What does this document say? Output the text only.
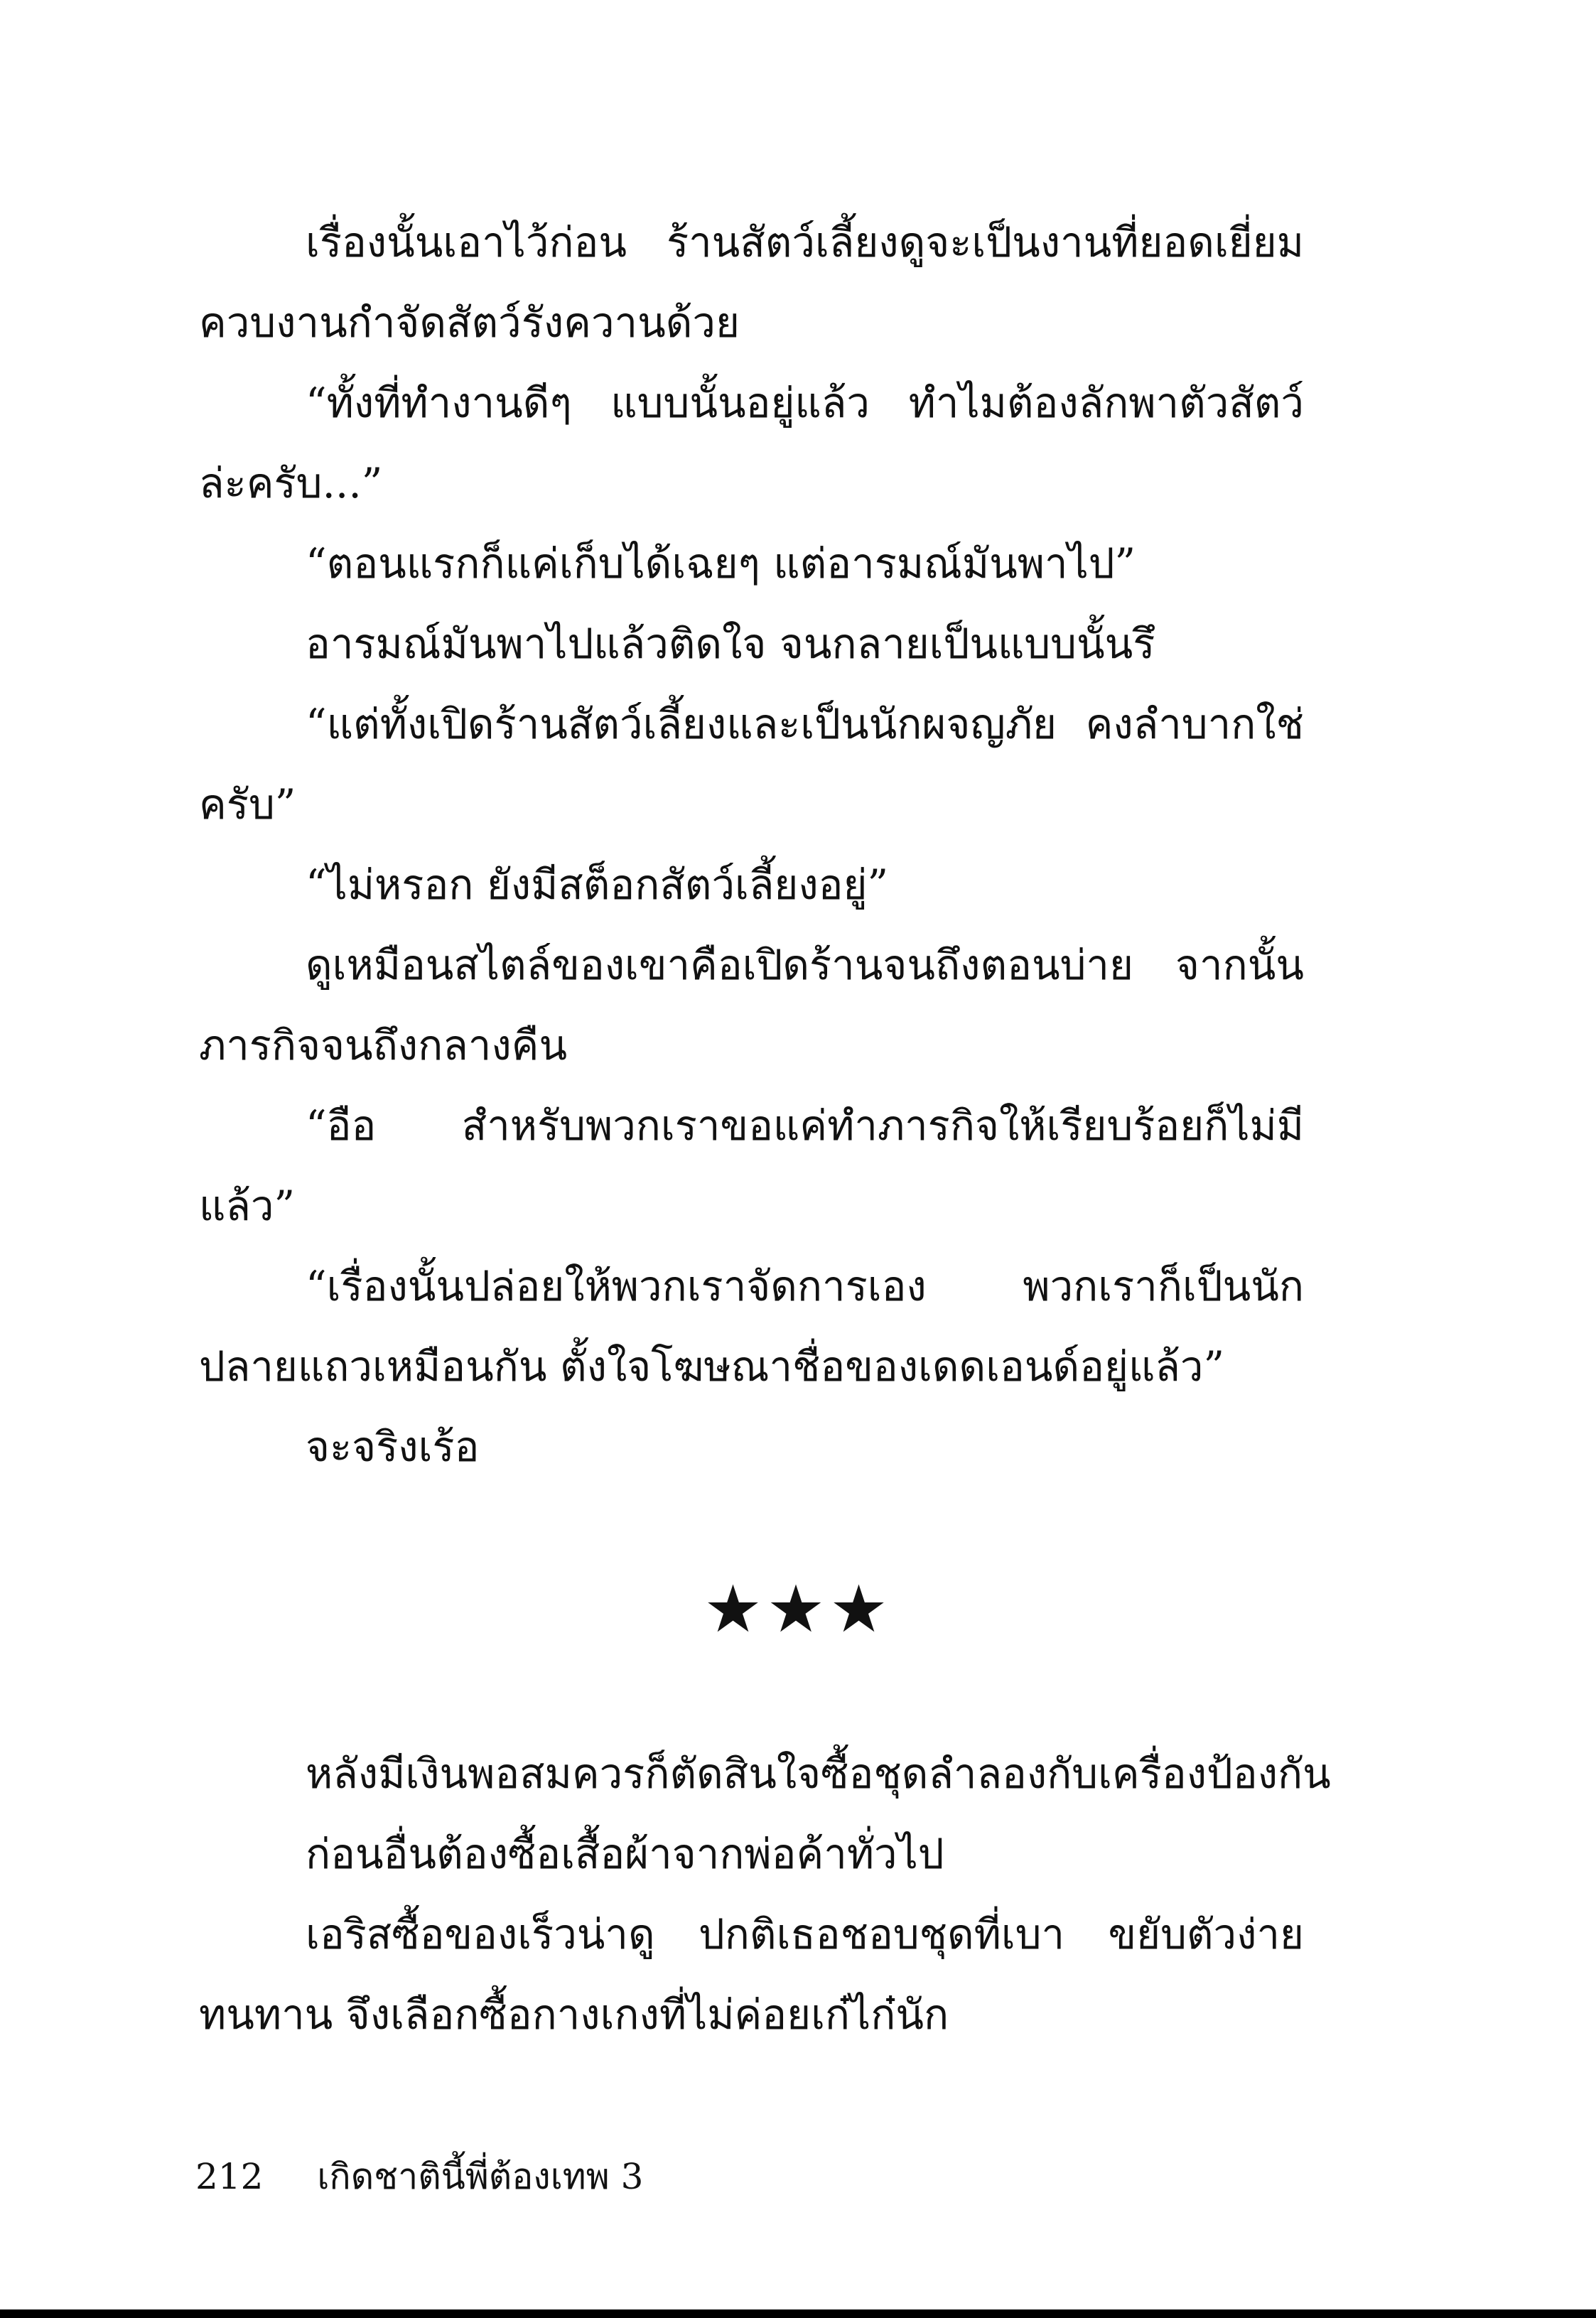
เรื่องนั้นเอาไว้ก่อน ร้านสัตว์เลี้ยงดูจะเป็นงานที่ยอดเยี่ยม
ควบงานกำจัดสัตว์รังควานด้วย
“ทั้งที่ทำงานดีๆ แบบนั้นอยู่แล้ว ทำไมต้องลักพาตัวสัตว์
ล่ะครับ...”
“ตอนแรกก็แค่เก็บได้เฉยๆ แต่อารมณ์มันพาไป”
อารมณ์มันพาไปแล้วติดใจ จนกลายเป็นแบบนั้นรึ
“แต่ทั้งเปิดร้านสัตว์เลี้ยงและเป็นนักผจญภัย คงลำบากใช่
ครับ”
“ไม่หรอก ยังมีสต็อกสัตว์เลี้ยงอยู่”
ดูเหมือนสไตล์ของเขาคือเปิดร้านจนถึงตอนบ่าย จากนั้น
ภารกิจจนถึงกลางคืน
“อือ สำหรับพวกเราขอแค่ทำภารกิจให้เรียบร้อยก็ไม่มี
แล้ว”
“เรื่องนั้นปล่อยให้พวกเราจัดการเอง พวกเราก็เป็นนัก
ปลายแถวเหมือนกัน ตั้งใจโฆษณาชื่อของเดดเอนด์อยู่แล้ว”
จะจริงเร้อ
★★★
หลังมีเงินพอสมควรก็ตัดสินใจซื้อชุดลำลองกับเครื่องป้องกัน
ก่อนอื่นต้องซื้อเสื้อผ้าจากพ่อค้าทั่วไป
เอริสซื้อของเร็วน่าดู ปกติเธอชอบชุดที่เบา ขยับตัวง่าย
ทนทาน จึงเลือกซื้อกางเกงที่ไม่ค่อยเก๋ไก๋นัก
212 เกิดชาตินี้พี่ต้องเทพ 3
